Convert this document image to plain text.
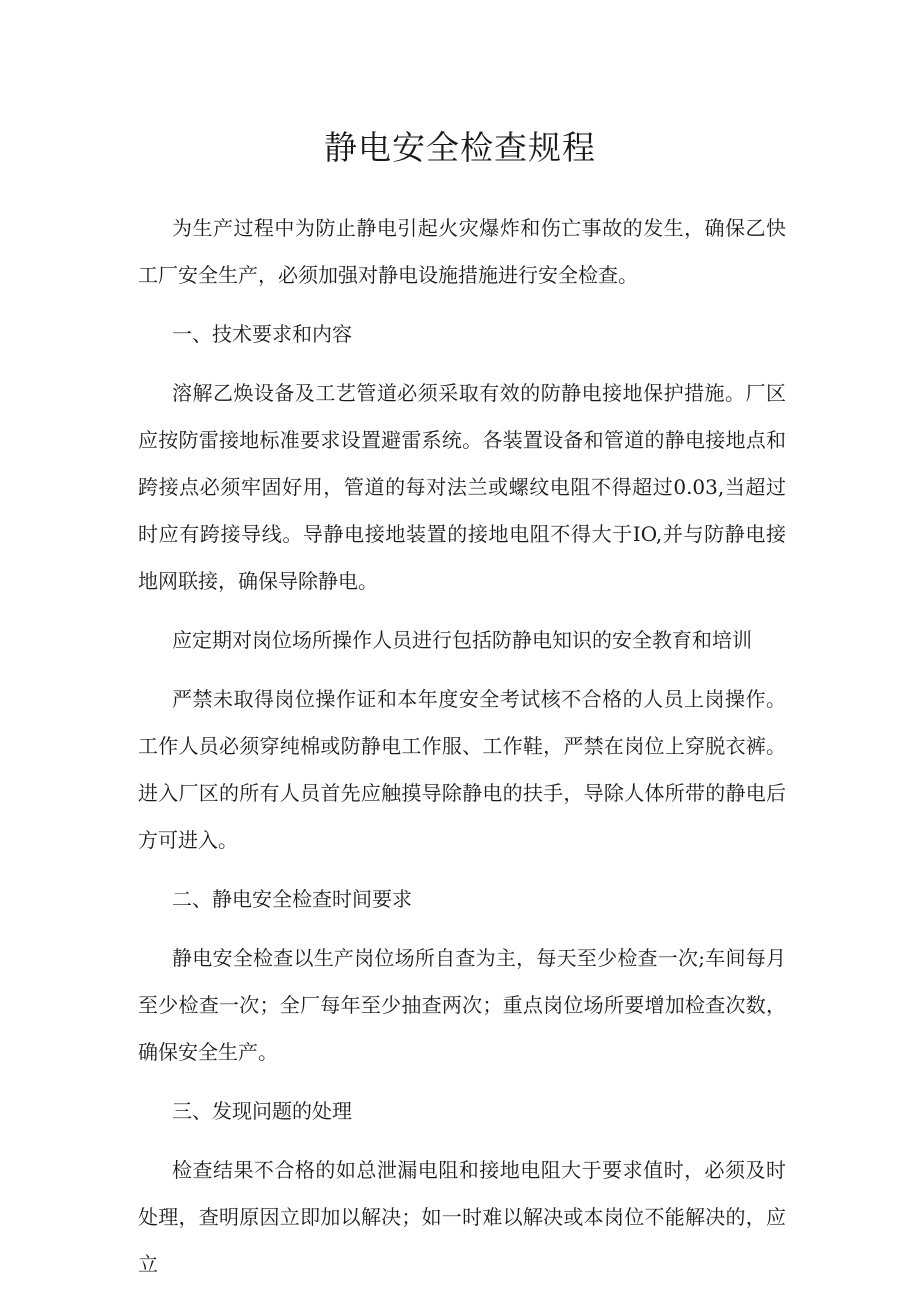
静电安全检查规程

为生产过程中为防止静电引起火灾爆炸和伤亡事故的发生，确保乙快工厂安全生产，必须加强对静电设施措施进行安全检查。

一、技术要求和内容

溶解乙焕设备及工艺管道必须采取有效的防静电接地保护措施。厂区应按防雷接地标准要求设置避雷系统。各装置设备和管道的静电接地点和跨接点必须牢固好用，管道的每对法兰或螺纹电阻不得超过0.03,当超过时应有跨接导线。导静电接地装置的接地电阻不得大于IO,并与防静电接地网联接，确保导除静电。

应定期对岗位场所操作人员进行包括防静电知识的安全教育和培训

严禁未取得岗位操作证和本年度安全考试核不合格的人员上岗操作。工作人员必须穿纯棉或防静电工作服、工作鞋，严禁在岗位上穿脱衣裤。进入厂区的所有人员首先应触摸导除静电的扶手，导除人体所带的静电后方可进入。

二、静电安全检查时间要求

静电安全检查以生产岗位场所自查为主，每天至少检查一次;车间每月至少检查一次；全厂每年至少抽查两次；重点岗位场所要增加检查次数，确保安全生产。

三、发现问题的处理

检查结果不合格的如总泄漏电阻和接地电阻大于要求值时，必须及时处理，查明原因立即加以解决；如一时难以解决或本岗位不能解决的，应立
